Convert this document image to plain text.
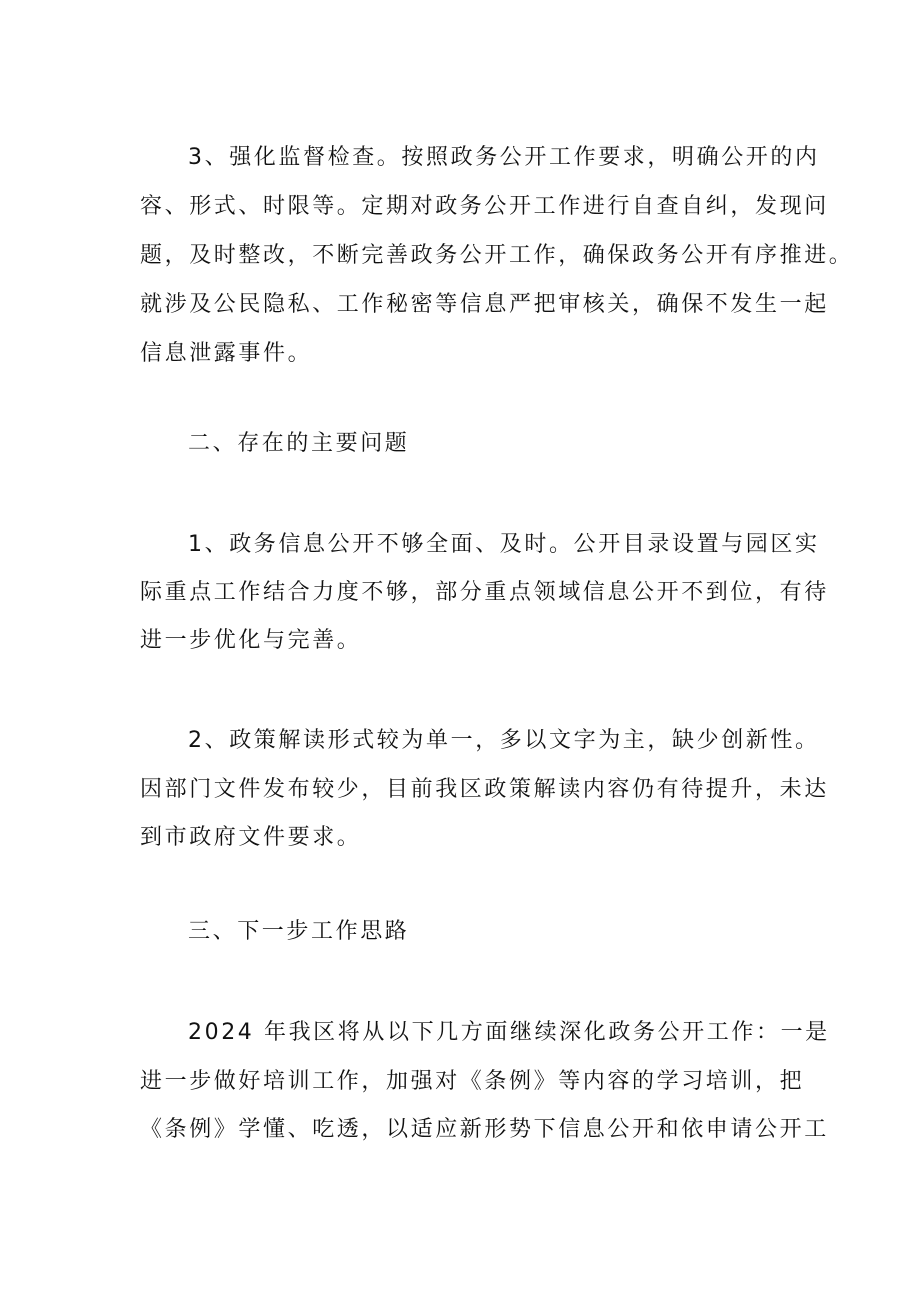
3、强化监督检查。按照政务公开工作要求，明确公开的内
容、形式、时限等。定期对政务公开工作进行自查自纠，发现问
题，及时整改，不断完善政务公开工作，确保政务公开有序推进。
就涉及公民隐私、工作秘密等信息严把审核关，确保不发生一起
信息泄露事件。
二、存在的主要问题
1、政务信息公开不够全面、及时。公开目录设置与园区实
际重点工作结合力度不够，部分重点领域信息公开不到位，有待
进一步优化与完善。
2、政策解读形式较为单一，多以文字为主，缺少创新性。
因部门文件发布较少，目前我区政策解读内容仍有待提升，未达
到市政府文件要求。
三、下一步工作思路
2024 年我区将从以下几方面继续深化政务公开工作：一是
进一步做好培训工作，加强对《条例》等内容的学习培训，把
《条例》学懂、吃透，以适应新形势下信息公开和依申请公开工
